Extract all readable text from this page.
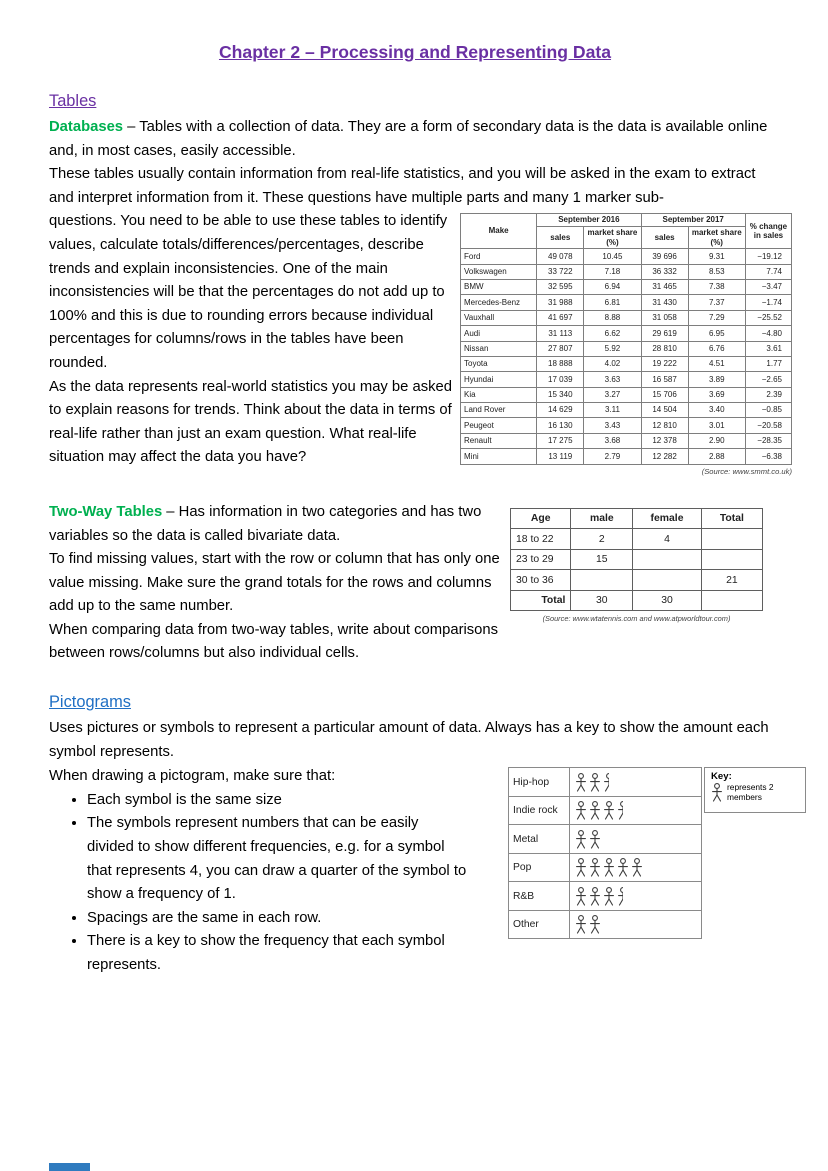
Chapter 2 – Processing and Representing Data
Tables

Databases – Tables with a collection of data. They are a form of secondary data is the data is available online and, in most cases, easily accessible.

These tables usually contain information from real-life statistics, and you will be asked in the exam to extract and interpret information from it. These questions have multiple parts and many 1 marker sub-

questions. You need to be able to use these tables to identify values, calculate totals/differences/percentages, describe trends and explain inconsistencies. One of the main inconsistencies will be that the percentages do not add up to 100% and this is due to rounding errors because individual percentages for columns/rows in the tables have been rounded.

As the data represents real-world statistics you may be asked to explain reasons for trends. Think about the data in terms of real-life rather than just an exam question. What real-life situation may affect the data you have?

Make	September 2016		September 2017		% change in sales
	sales	market share (%)	sales	market share (%)	
Ford	49 078	10.45	39 696	9.31	−19.12
Volkswagen	33 722	7.18	36 332	8.53	7.74
BMW	32 595	6.94	31 465	7.38	−3.47
Mercedes-Benz	31 988	6.81	31 430	7.37	−1.74
Vauxhall	41 697	8.88	31 058	7.29	−25.52
Audi	31 113	6.62	29 619	6.95	−4.80
Nissan	27 807	5.92	28 810	6.76	3.61
Toyota	18 888	4.02	19 222	4.51	1.77
Hyundai	17 039	3.63	16 587	3.89	−2.65
Kia	15 340	3.27	15 706	3.69	2.39
Land Rover	14 629	3.11	14 504	3.40	−0.85
Peugeot	16 130	3.43	12 810	3.01	−20.58
Renault	17 275	3.68	12 378	2.90	−28.35
Mini	13 119	2.79	12 282	2.88	−6.38
(Source: www.smmt.co.uk)

Two-Way Tables – Has information in two categories and has two variables so the data is called bivariate data.

To find missing values, start with the row or column that has only one value missing. Make sure the grand totals for the rows and columns add up to the same number.

When comparing data from two-way tables, write about comparisons between rows/columns but also individual cells.

Age	male	female	Total
18 to 22	2	4	
23 to 29	15		
30 to 36			21
Total	30	30	
(Source: www.wtatennis.com and www.atpworldtour.com)
Pictograms

Uses pictures or symbols to represent a particular amount of data. Always has a key to show the amount each symbol represents.

When drawing a pictogram, make sure that:

• Each symbol is the same size
• The symbols represent numbers that can be easily divided to show different frequencies, e.g. for a symbol that represents 4, you can draw a quarter of the symbol to show a frequency of 1.
• Spacings are the same in each row.
• There is a key to show the frequency that each symbol represents.
Hip-hop	
Indie rock	
Metal	
Pop	
R&B	
Other	
Key:
represents 2 members
